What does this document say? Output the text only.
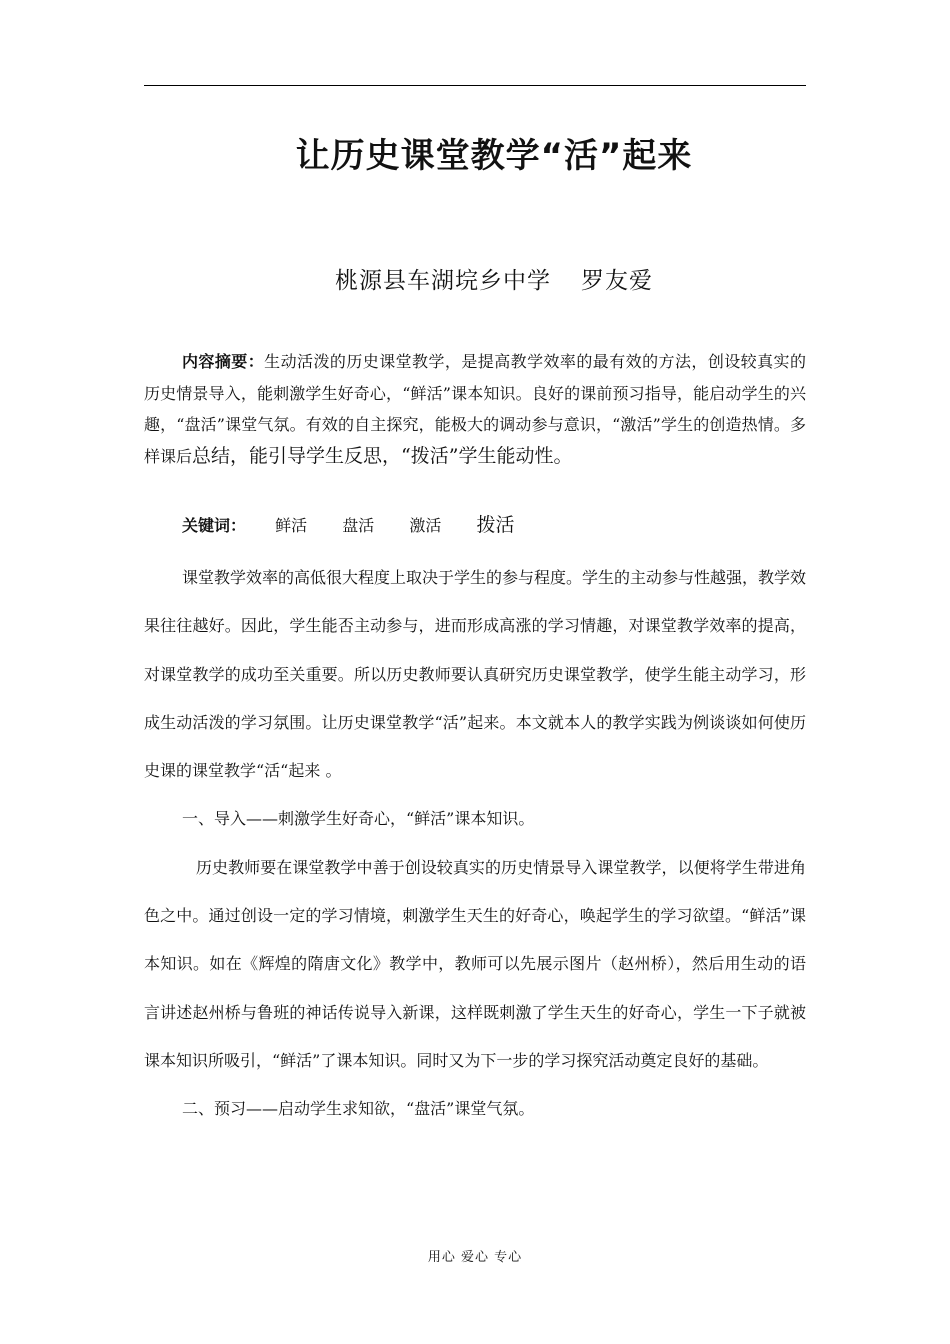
让历史课堂教学“活”起来
桃源县车湖垸乡中学 罗友爱

内容摘要：生动活泼的历史课堂教学，是提高教学效率的最有效的方法，创设较真实的历史情景导入，能刺激学生好奇心，“鲜活”课本知识。良好的课前预习指导，能启动学生的兴趣，“盘活”课堂气氛。有效的自主探究，能极大的调动参与意识，“激活”学生的创造热情。多样课后总结，能引导学生反思，“拨活”学生能动性。

关键词： 鲜活 盘活 激活 拨活

课堂教学效率的高低很大程度上取决于学生的参与程度。学生的主动参与性越强，教学效果往往越好。因此，学生能否主动参与，进而形成高涨的学习情趣，对课堂教学效率的提高，对课堂教学的成功至关重要。所以历史教师要认真研究历史课堂教学，使学生能主动学习，形成生动活泼的学习氛围。让历史课堂教学“活”起来。本文就本人的教学实践为例谈谈如何使历史课的课堂教学“活“起来 。

一、导入——刺激学生好奇心，“鲜活”课本知识。

历史教师要在课堂教学中善于创设较真实的历史情景导入课堂教学，以便将学生带进角色之中。通过创设一定的学习情境，刺激学生天生的好奇心，唤起学生的学习欲望。“鲜活”课本知识。如在《辉煌的隋唐文化》教学中，教师可以先展示图片（赵州桥），然后用生动的语言讲述赵州桥与鲁班的神话传说导入新课，这样既刺激了学生天生的好奇心，学生一下子就被课本知识所吸引，“鲜活”了课本知识。同时又为下一步的学习探究活动奠定良好的基础。

二、预习——启动学生求知欲，“盘活”课堂气氛。

用心 爱心 专心
